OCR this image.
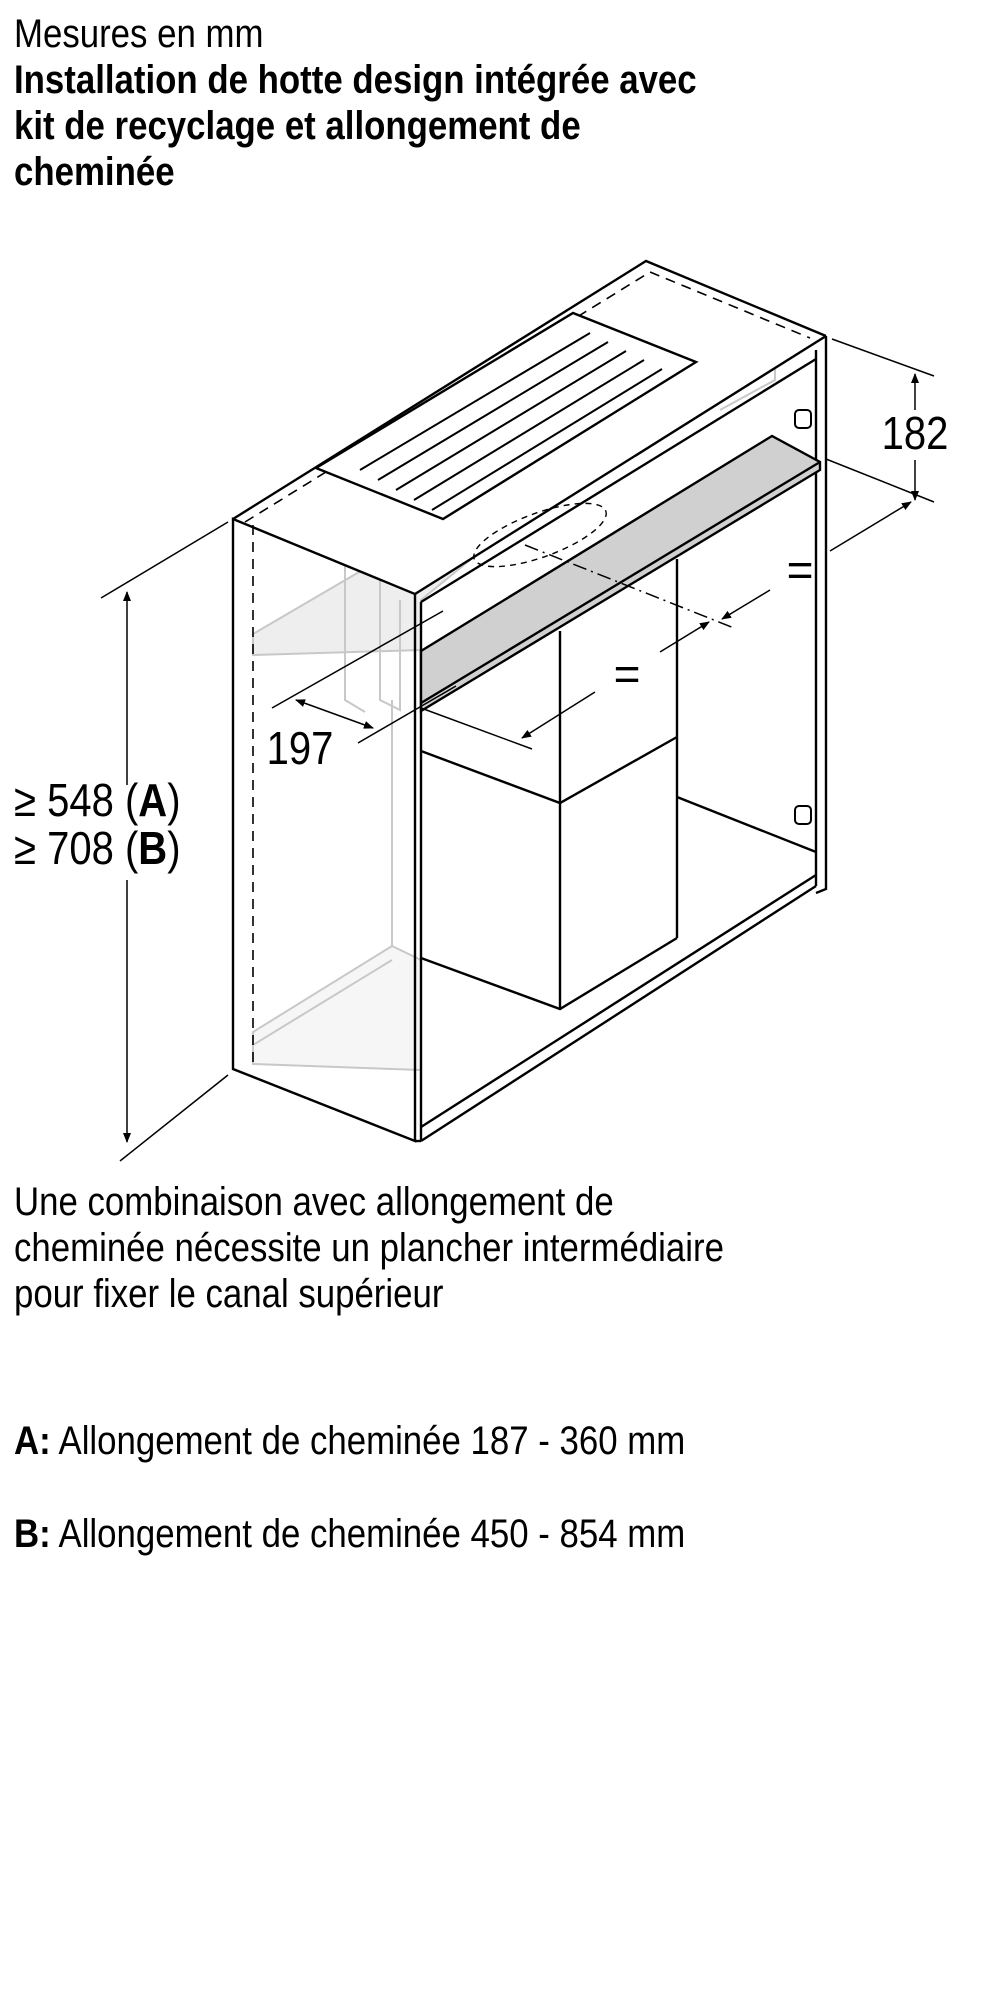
Mesures en mm
Installation de hotte design intégrée avec
kit de recyclage et allongement de
cheminée
182
197
=
=
≥ 548 (A)
≥ 708 (B)
Une combinaison avec allongement de
cheminée nécessite un plancher intermédiaire
pour fixer le canal supérieur
A: Allongement de cheminée 187 - 360 mm
B: Allongement de cheminée 450 - 854 mm
